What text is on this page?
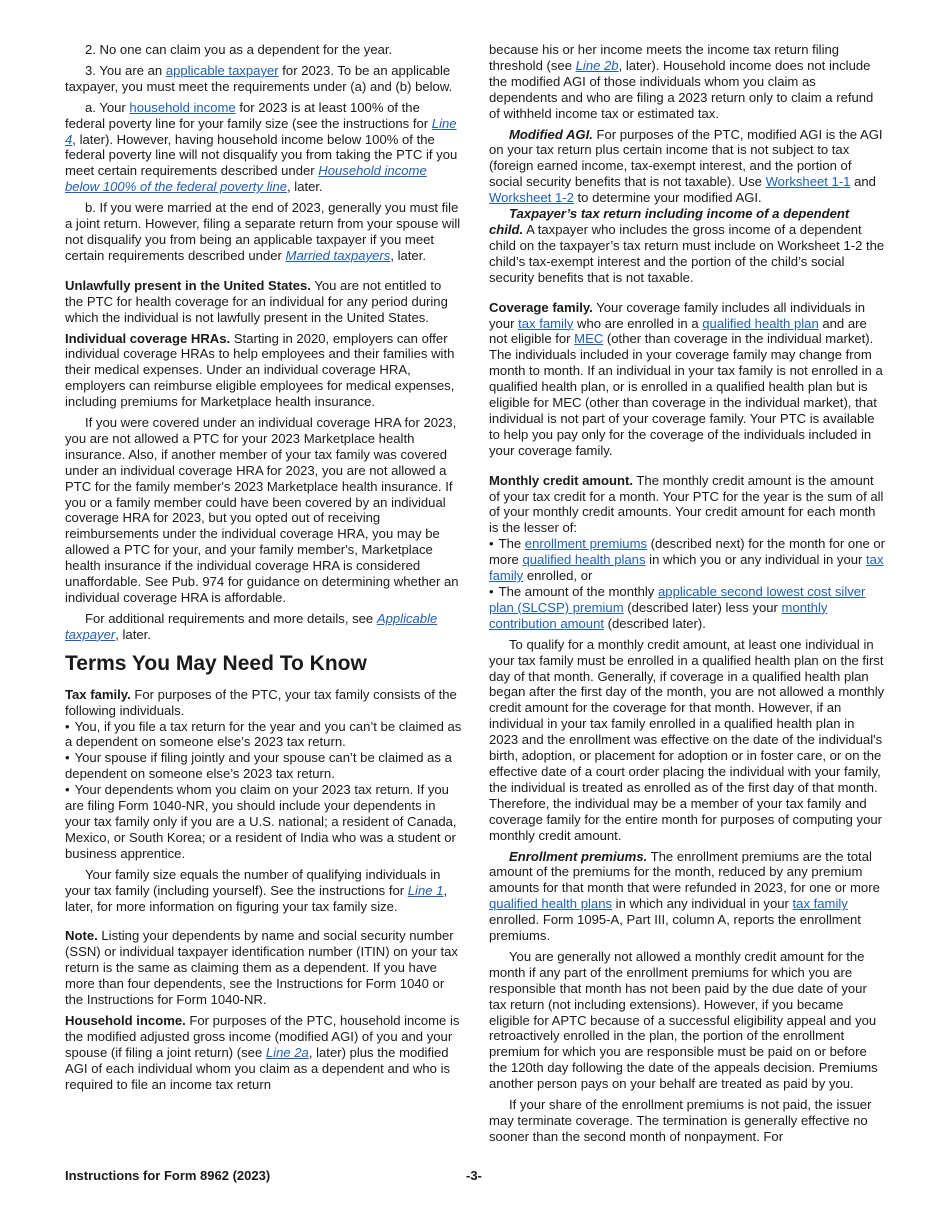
2. No one can claim you as a dependent for the year.

3. You are an applicable taxpayer for 2023. To be an applicable taxpayer, you must meet the requirements under (a) and (b) below.

a. Your household income for 2023 is at least 100% of the federal poverty line for your family size (see the instructions for Line 4, later). However, having household income below 100% of the federal poverty line will not disqualify you from taking the PTC if you meet certain requirements described under Household income below 100% of the federal poverty line, later.

b. If you were married at the end of 2023, generally you must file a joint return. However, filing a separate return from your spouse will not disqualify you from being an applicable taxpayer if you meet certain requirements described under Married taxpayers, later.

Unlawfully present in the United States. You are not entitled to the PTC for health coverage for an individual for any period during which the individual is not lawfully present in the United States.

Individual coverage HRAs. Starting in 2020, employers can offer individual coverage HRAs to help employees and their families with their medical expenses. Under an individual coverage HRA, employers can reimburse eligible employees for medical expenses, including premiums for Marketplace health insurance.

If you were covered under an individual coverage HRA for 2023, you are not allowed a PTC for your 2023 Marketplace health insurance. Also, if another member of your tax family was covered under an individual coverage HRA for 2023, you are not allowed a PTC for the family member's 2023 Marketplace health insurance. If you or a family member could have been covered by an individual coverage HRA for 2023, but you opted out of receiving reimbursements under the individual coverage HRA, you may be allowed a PTC for your, and your family member's, Marketplace health insurance if the individual coverage HRA is considered unaffordable. See Pub. 974 for guidance on determining whether an individual coverage HRA is affordable.

For additional requirements and more details, see Applicable taxpayer, later.

Terms You May Need To Know

Tax family. For purposes of the PTC, your tax family consists of the following individuals.

• You, if you file a tax return for the year and you can’t be claimed as a dependent on someone else’s 2023 tax return.

• Your spouse if filing jointly and your spouse can’t be claimed as a dependent on someone else’s 2023 tax return.

• Your dependents whom you claim on your 2023 tax return. If you are filing Form 1040-NR, you should include your dependents in your tax family only if you are a U.S. national; a resident of Canada, Mexico, or South Korea; or a resident of India who was a student or business apprentice.

Your family size equals the number of qualifying individuals in your tax family (including yourself). See the instructions for Line 1, later, for more information on figuring your tax family size.

Note. Listing your dependents by name and social security number (SSN) or individual taxpayer identification number (ITIN) on your tax return is the same as claiming them as a dependent. If you have more than four dependents, see the Instructions for Form 1040 or the Instructions for Form 1040-NR.

Household income. For purposes of the PTC, household income is the modified adjusted gross income (modified AGI) of you and your spouse (if filing a joint return) (see Line 2a, later) plus the modified AGI of each individual whom you claim as a dependent and who is required to file an income tax return

because his or her income meets the income tax return filing threshold (see Line 2b, later). Household income does not include the modified AGI of those individuals whom you claim as dependents and who are filing a 2023 return only to claim a refund of withheld income tax or estimated tax.

Modified AGI. For purposes of the PTC, modified AGI is the AGI on your tax return plus certain income that is not subject to tax (foreign earned income, tax-exempt interest, and the portion of social security benefits that is not taxable). Use Worksheet 1-1 and Worksheet 1-2 to determine your modified AGI.

Taxpayer’s tax return including income of a dependent child. A taxpayer who includes the gross income of a dependent child on the taxpayer’s tax return must include on Worksheet 1-2 the child’s tax-exempt interest and the portion of the child’s social security benefits that is not taxable.

Coverage family. Your coverage family includes all individuals in your tax family who are enrolled in a qualified health plan and are not eligible for MEC (other than coverage in the individual market). The individuals included in your coverage family may change from month to month. If an individual in your tax family is not enrolled in a qualified health plan, or is enrolled in a qualified health plan but is eligible for MEC (other than coverage in the individual market), that individual is not part of your coverage family. Your PTC is available to help you pay only for the coverage of the individuals included in your coverage family.

Monthly credit amount. The monthly credit amount is the amount of your tax credit for a month. Your PTC for the year is the sum of all of your monthly credit amounts. Your credit amount for each month is the lesser of:

• The enrollment premiums (described next) for the month for one or more qualified health plans in which you or any individual in your tax family enrolled, or

• The amount of the monthly applicable second lowest cost silver plan (SLCSP) premium (described later) less your monthly contribution amount (described later).

To qualify for a monthly credit amount, at least one individual in your tax family must be enrolled in a qualified health plan on the first day of that month. Generally, if coverage in a qualified health plan began after the first day of the month, you are not allowed a monthly credit amount for the coverage for that month. However, if an individual in your tax family enrolled in a qualified health plan in 2023 and the enrollment was effective on the date of the individual's birth, adoption, or placement for adoption or in foster care, or on the effective date of a court order placing the individual with your family, the individual is treated as enrolled as of the first day of that month. Therefore, the individual may be a member of your tax family and coverage family for the entire month for purposes of computing your monthly credit amount.

Enrollment premiums. The enrollment premiums are the total amount of the premiums for the month, reduced by any premium amounts for that month that were refunded in 2023, for one or more qualified health plans in which any individual in your tax family enrolled. Form 1095-A, Part III, column A, reports the enrollment premiums.

You are generally not allowed a monthly credit amount for the month if any part of the enrollment premiums for which you are responsible that month has not been paid by the due date of your tax return (not including extensions). However, if you became eligible for APTC because of a successful eligibility appeal and you retroactively enrolled in the plan, the portion of the enrollment premium for which you are responsible must be paid on or before the 120th day following the date of the appeals decision. Premiums another person pays on your behalf are treated as paid by you.

If your share of the enrollment premiums is not paid, the issuer may terminate coverage. The termination is generally effective no sooner than the second month of nonpayment. For

Instructions for Form 8962 (2023)	-3-
